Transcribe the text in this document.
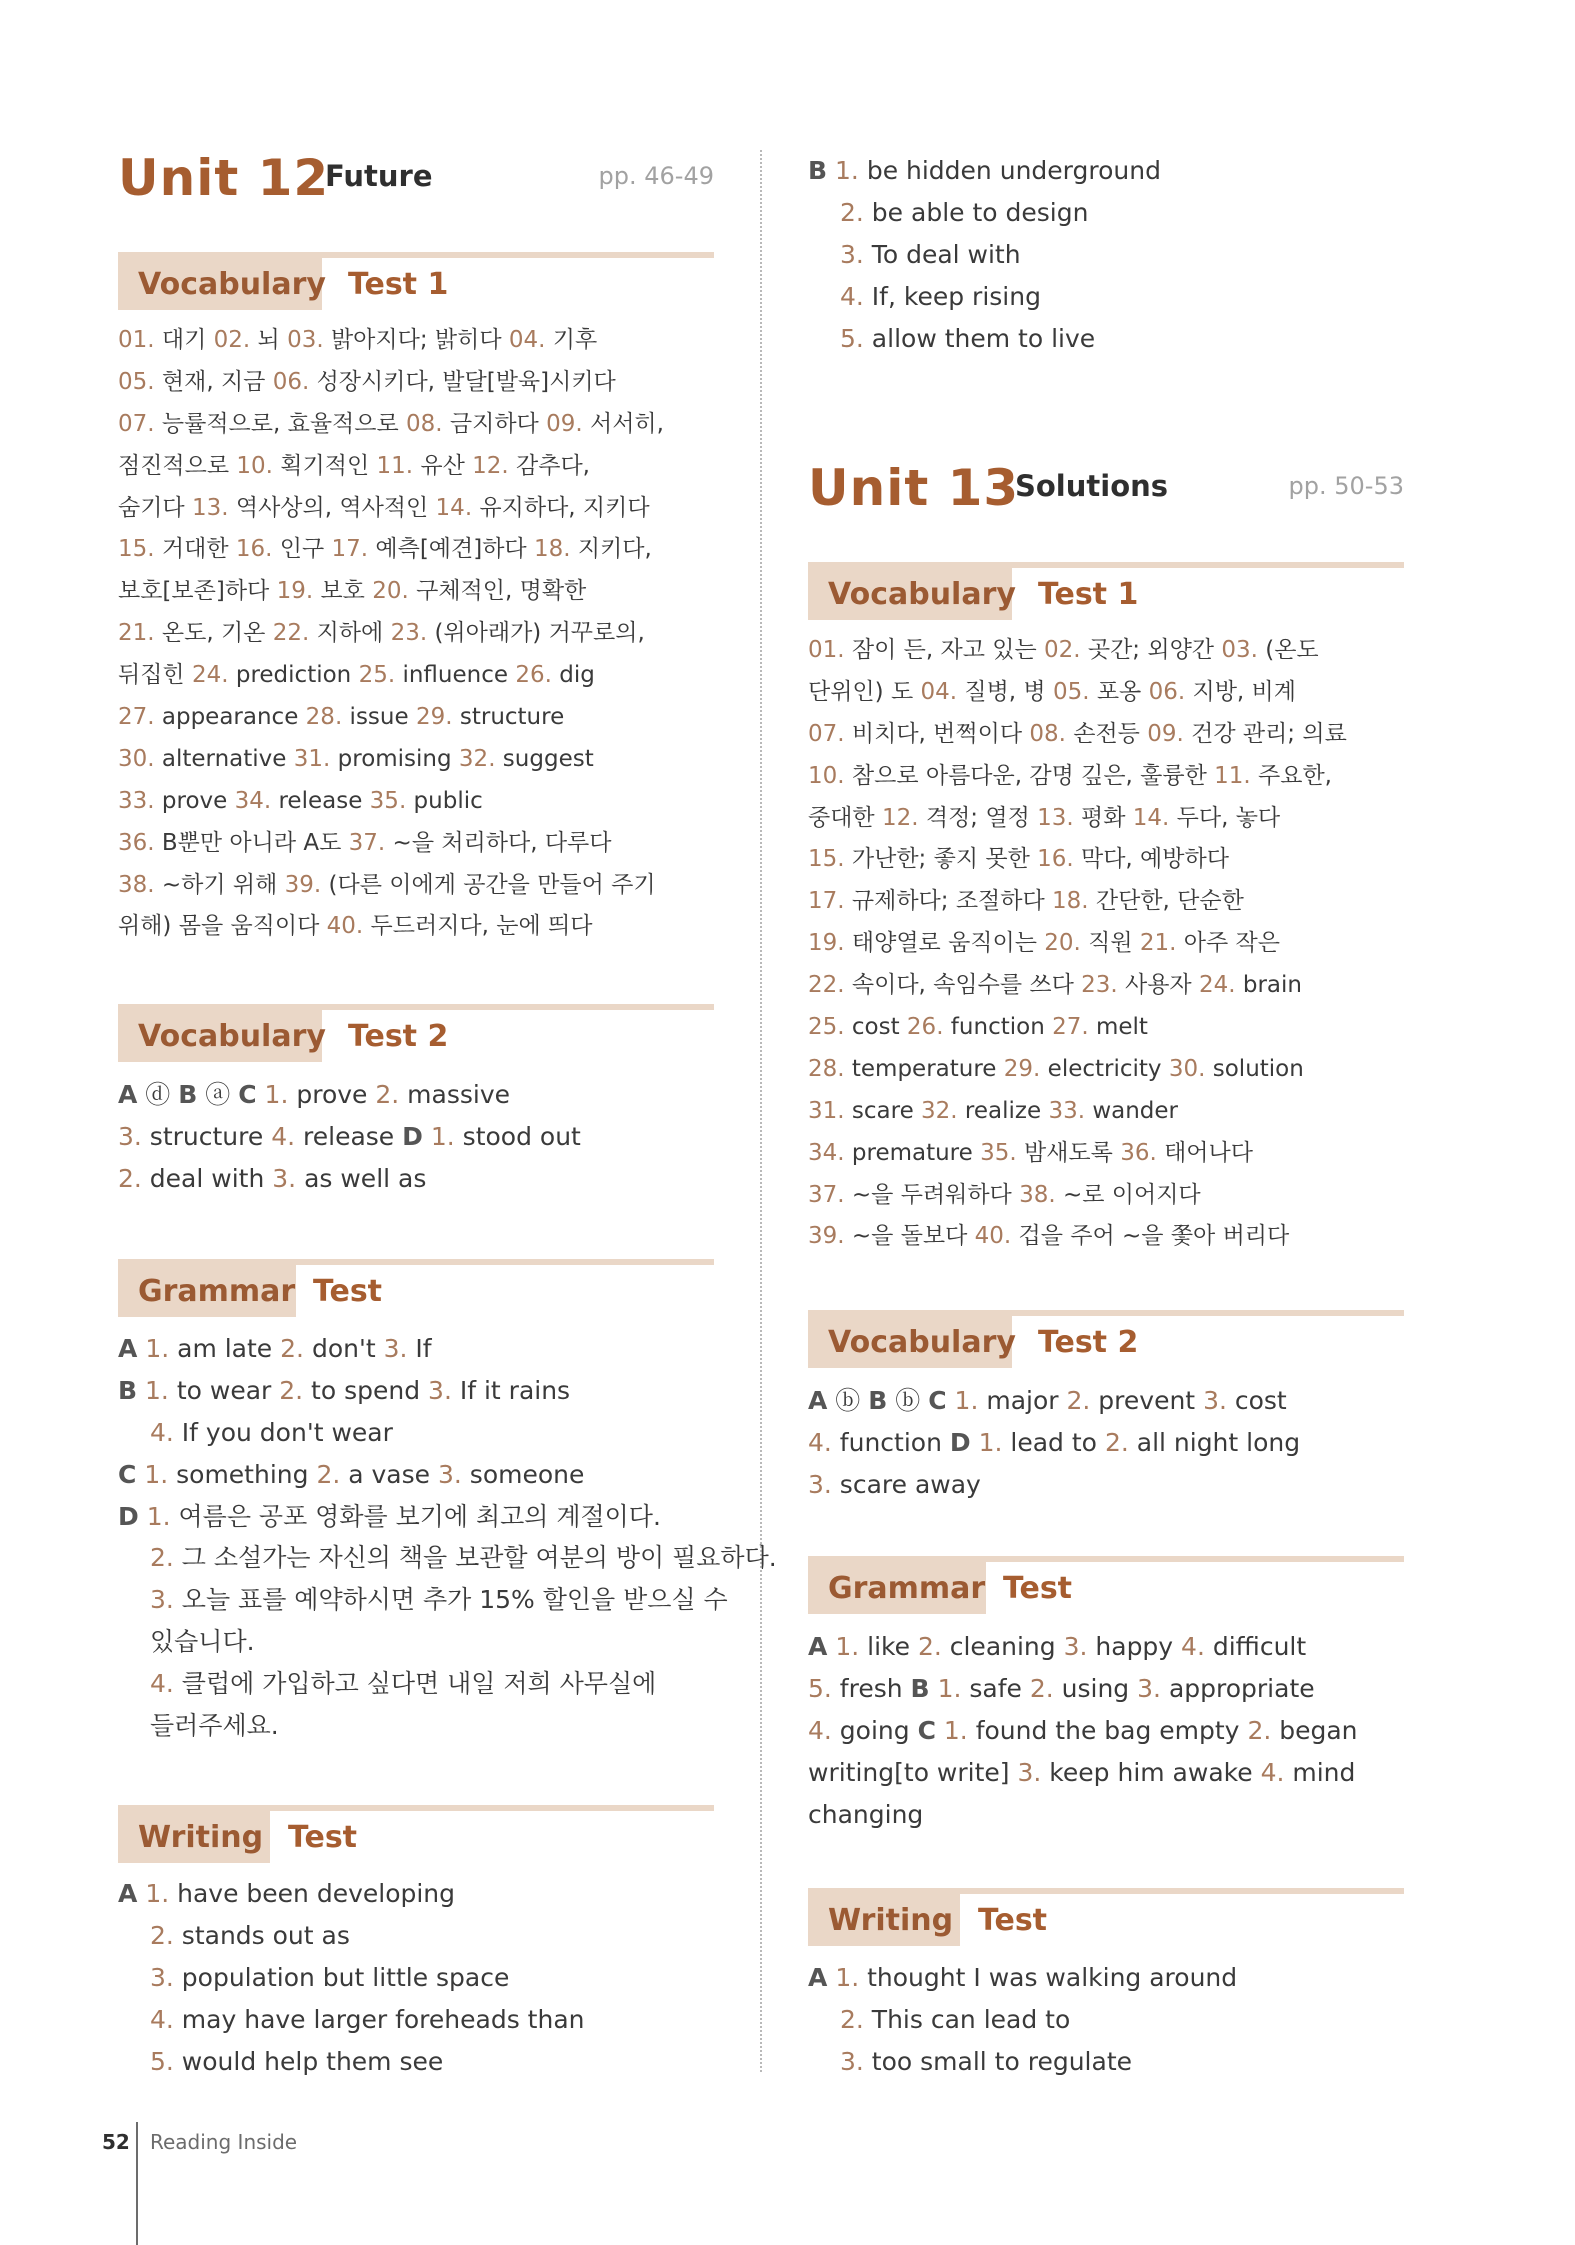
Unit 12
Future	pp. 46-49
Vocabulary Test 1
01. 대기 02. 뇌 03. 밝아지다; 밝히다 04. 기후
05. 현재, 지금 06. 성장시키다, 발달[발육]시키다
07. 능률적으로, 효율적으로 08. 금지하다 09. 서서히,
점진적으로 10. 획기적인 11. 유산 12. 감추다,
숨기다 13. 역사상의, 역사적인 14. 유지하다, 지키다
15. 거대한 16. 인구 17. 예측[예견]하다 18. 지키다,
보호[보존]하다 19. 보호 20. 구체적인, 명확한
21. 온도, 기온 22. 지하에 23. (위아래가) 거꾸로의,
뒤집힌 24. prediction 25. influence 26. dig
27. appearance 28. issue 29. structure
30. alternative 31. promising 32. suggest
33. prove 34. release 35. public
36. B뿐만 아니라 A도 37. ~을 처리하다, 다루다
38. ~하기 위해 39. (다른 이에게 공간을 만들어 주기
위해) 몸을 움직이다 40. 두드러지다, 눈에 띄다
Vocabulary Test 2
A ⓓ B ⓐ C 1. prove 2. massive
3. structure 4. release D 1. stood out
2. deal with 3. as well as
Grammar Test
A 1. am late 2. don't 3. If
B 1. to wear 2. to spend 3. If it rains
4. If you don't wear
C 1. something 2. a vase 3. someone
D 1. 여름은 공포 영화를 보기에 최고의 계절이다.
2. 그 소설가는 자신의 책을 보관할 여분의 방이 필요하다.
3. 오늘 표를 예약하시면 추가 15% 할인을 받으실 수
있습니다.
4. 클럽에 가입하고 싶다면 내일 저희 사무실에
들러주세요.
Writing Test
A 1. have been developing
2. stands out as
3. population but little space
4. may have larger foreheads than
5. would help them see
B 1. be hidden underground
2. be able to design
3. To deal with
4. If, keep rising
5. allow them to live
Unit 13
Solutions	pp. 50-53
Vocabulary Test 1
01. 잠이 든, 자고 있는 02. 곳간; 외양간 03. (온도
단위인) 도 04. 질병, 병 05. 포옹 06. 지방, 비계
07. 비치다, 번쩍이다 08. 손전등 09. 건강 관리; 의료
10. 참으로 아름다운, 감명 깊은, 훌륭한 11. 주요한,
중대한 12. 격정; 열정 13. 평화 14. 두다, 놓다
15. 가난한; 좋지 못한 16. 막다, 예방하다
17. 규제하다; 조절하다 18. 간단한, 단순한
19. 태양열로 움직이는 20. 직원 21. 아주 작은
22. 속이다, 속임수를 쓰다 23. 사용자 24. brain
25. cost 26. function 27. melt
28. temperature 29. electricity 30. solution
31. scare 32. realize 33. wander
34. premature 35. 밤새도록 36. 태어나다
37. ~을 두려워하다 38. ~로 이어지다
39. ~을 돌보다 40. 겁을 주어 ~을 쫓아 버리다
Vocabulary Test 2
A ⓑ B ⓑ C 1. major 2. prevent 3. cost
4. function D 1. lead to 2. all night long
3. scare away
Grammar Test
A 1. like 2. cleaning 3. happy 4. difficult
5. fresh B 1. safe 2. using 3. appropriate
4. going C 1. found the bag empty 2. began
writing[to write] 3. keep him awake 4. mind
changing
Writing Test
A 1. thought I was walking around
2. This can lead to
3. too small to regulate
52 Reading Inside
